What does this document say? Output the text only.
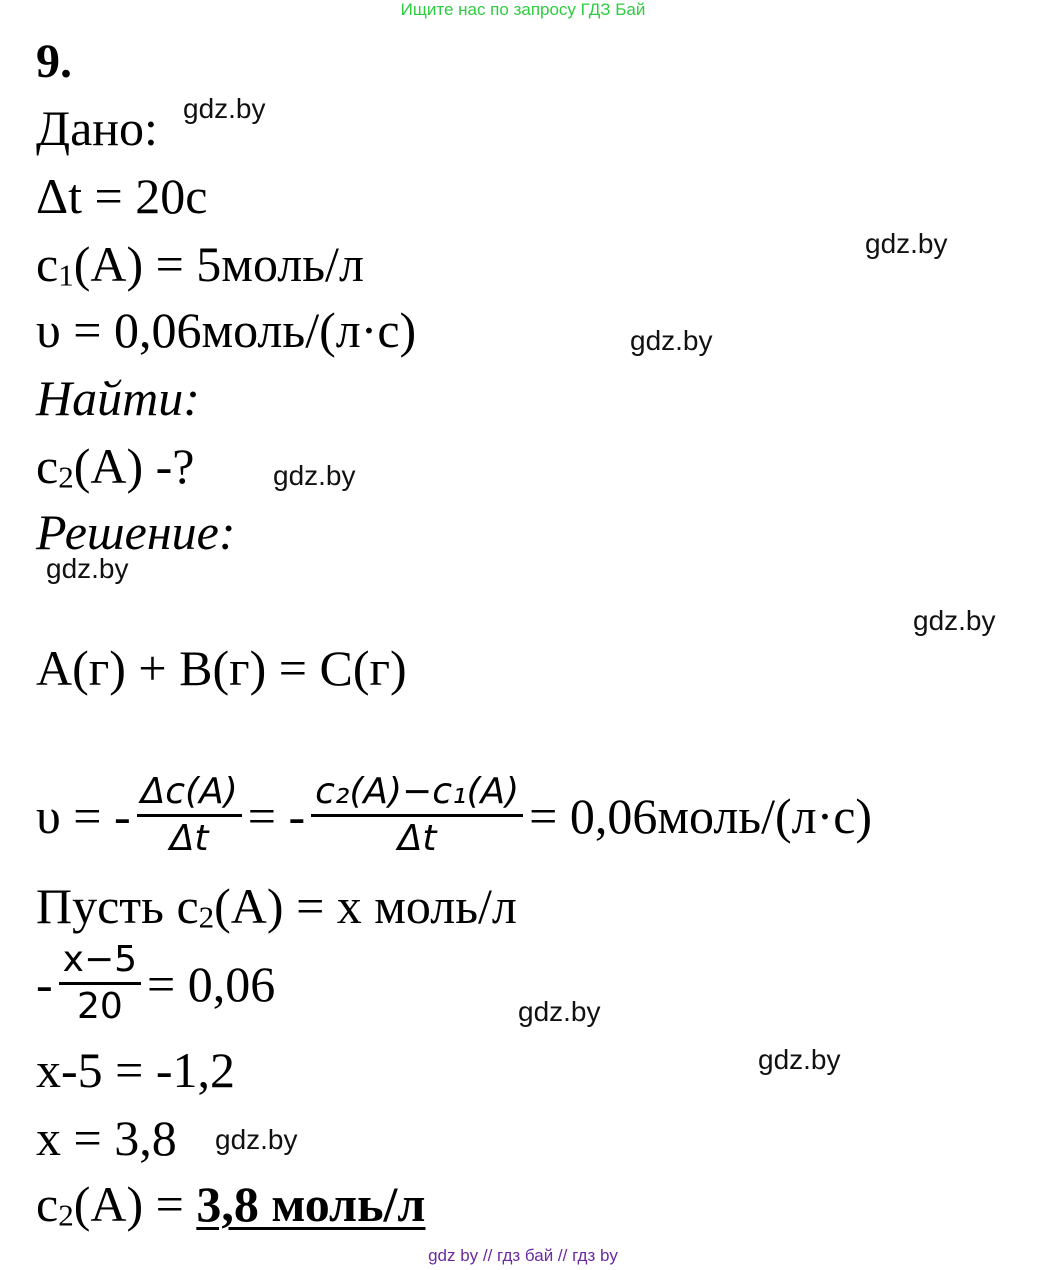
Ищите нас по запросу ГДЗ Бай
9.
Дано: gdz.by
Δt = 20с
c1(A) = 5моль/л	gdz.by
υ = 0,06моль/(л·с)	gdz.by
Найти:
c2(A) -?	gdz.by
Решение:
gdz.by
gdz.by
A(г) + B(г) = C(г)
υ = - $\frac{\Delta c(A)}{\Delta t}$ = - $\frac{\text{c₂(A)−c₁(A)}}{\Delta t}$ = 0,06моль/(л·с)
Пусть c2(A) = x моль/л
- $\frac{x-5}{20} = 0,06$	gdz.by
x-5 = -1,2	gdz.by
x = 3,8 gdz.by
c2(A) = 3,8 моль/л
gdz by // гдз бай // гдз by
